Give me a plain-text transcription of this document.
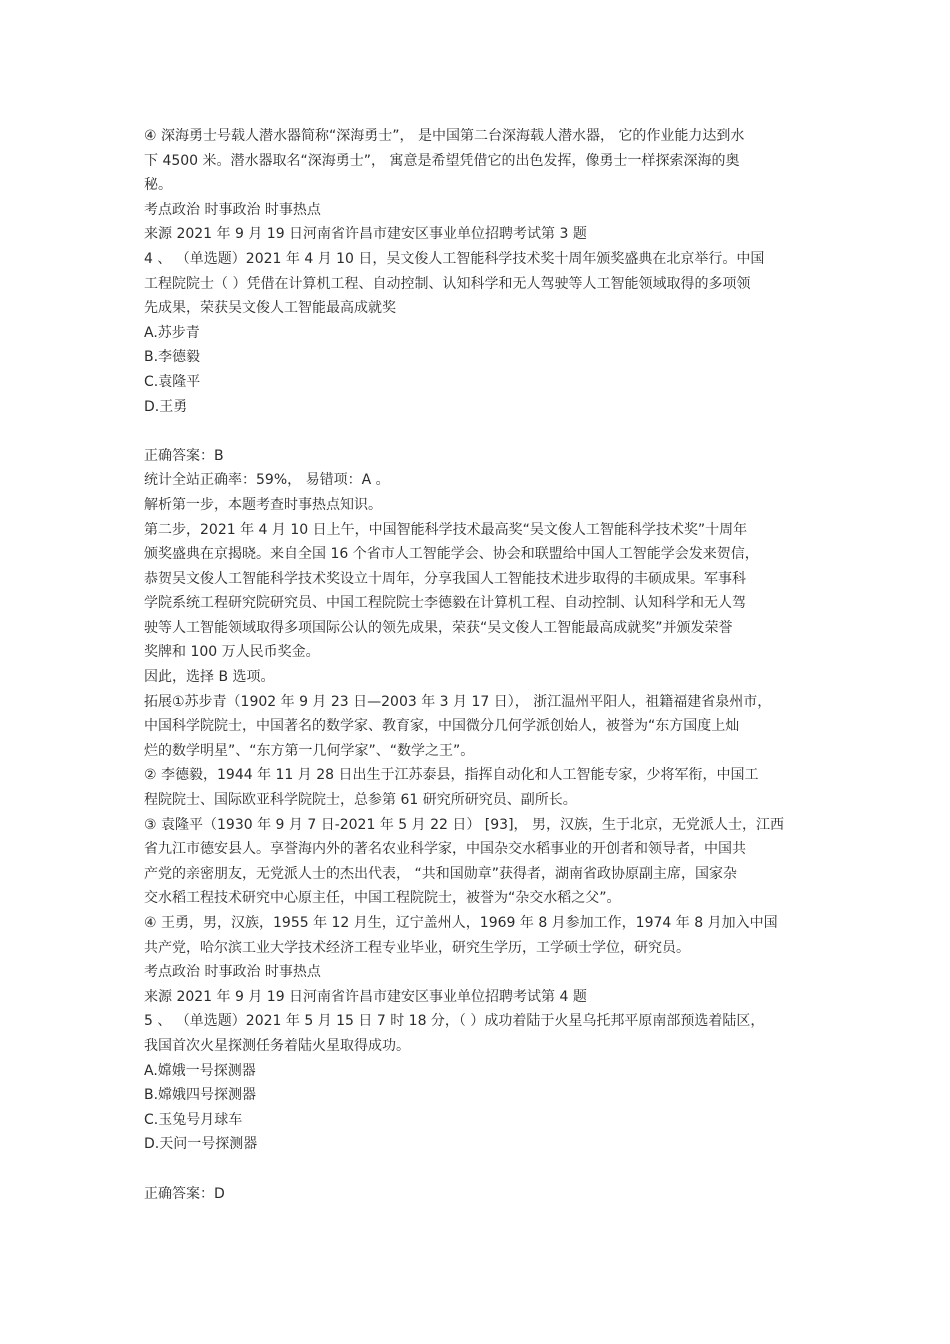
④ 深海勇士号载人潜水器简称“深海勇士”， 是中国第二台深海载人潜水器， 它的作业能力达到水
下 4500 米。潜水器取名“深海勇士”， 寓意是希望凭借它的出色发挥，像勇士一样探索深海的奥
秘。
考点政治 时事政治 时事热点
来源 2021 年 9 月 19 日河南省许昌市建安区事业单位招聘考试第 3 题
4 、 （单选题）2021 年 4 月 10 日，吴文俊人工智能科学技术奖十周年颁奖盛典在北京举行。中国
工程院院士（ ）凭借在计算机工程、自动控制、认知科学和无人驾驶等人工智能领域取得的多项领
先成果，荣获吴文俊人工智能最高成就奖
A.苏步青
B.李德毅
C.袁隆平
D.王勇
正确答案：B
统计全站正确率：59%， 易错项：A 。
解析第一步，本题考查时事热点知识。
第二步，2021 年 4 月 10 日上午，中国智能科学技术最高奖“吴文俊人工智能科学技术奖”十周年
颁奖盛典在京揭晓。来自全国 16 个省市人工智能学会、协会和联盟给中国人工智能学会发来贺信，
恭贺吴文俊人工智能科学技术奖设立十周年，分享我国人工智能技术进步取得的丰硕成果。军事科
学院系统工程研究院研究员、中国工程院院士李德毅在计算机工程、自动控制、认知科学和无人驾
驶等人工智能领域取得多项国际公认的领先成果，荣获“吴文俊人工智能最高成就奖”并颁发荣誉
奖牌和 100 万人民币奖金。
因此，选择 B 选项。
拓展①苏步青（1902 年 9 月 23 日—2003 年 3 月 17 日）， 浙江温州平阳人，祖籍福建省泉州市，
中国科学院院士，中国著名的数学家、教育家，中国微分几何学派创始人，被誉为“东方国度上灿
烂的数学明星”、“东方第一几何学家”、“数学之王”。
② 李德毅，1944 年 11 月 28 日出生于江苏泰县，指挥自动化和人工智能专家，少将军衔，中国工
程院院士、国际欧亚科学院院士，总参第 61 研究所研究员、副所长。
③ 袁隆平（1930 年 9 月 7 日-2021 年 5 月 22 日） [93]， 男，汉族，生于北京，无党派人士，江西
省九江市德安县人。享誉海内外的著名农业科学家，中国杂交水稻事业的开创者和领导者，中国共
产党的亲密朋友，无党派人士的杰出代表， “共和国勋章”获得者，湖南省政协原副主席，国家杂
交水稻工程技术研究中心原主任，中国工程院院士，被誉为“杂交水稻之父”。
④ 王勇，男，汉族，1955 年 12 月生，辽宁盖州人，1969 年 8 月参加工作，1974 年 8 月加入中国
共产党，哈尔滨工业大学技术经济工程专业毕业，研究生学历，工学硕士学位，研究员。
考点政治 时事政治 时事热点
来源 2021 年 9 月 19 日河南省许昌市建安区事业单位招聘考试第 4 题
5 、 （单选题）2021 年 5 月 15 日 7 时 18 分，（ ）成功着陆于火星乌托邦平原南部预选着陆区，
我国首次火星探测任务着陆火星取得成功。
A.嫦娥一号探测器
B.嫦娥四号探测器
C.玉兔号月球车
D.天问一号探测器
正确答案：D
